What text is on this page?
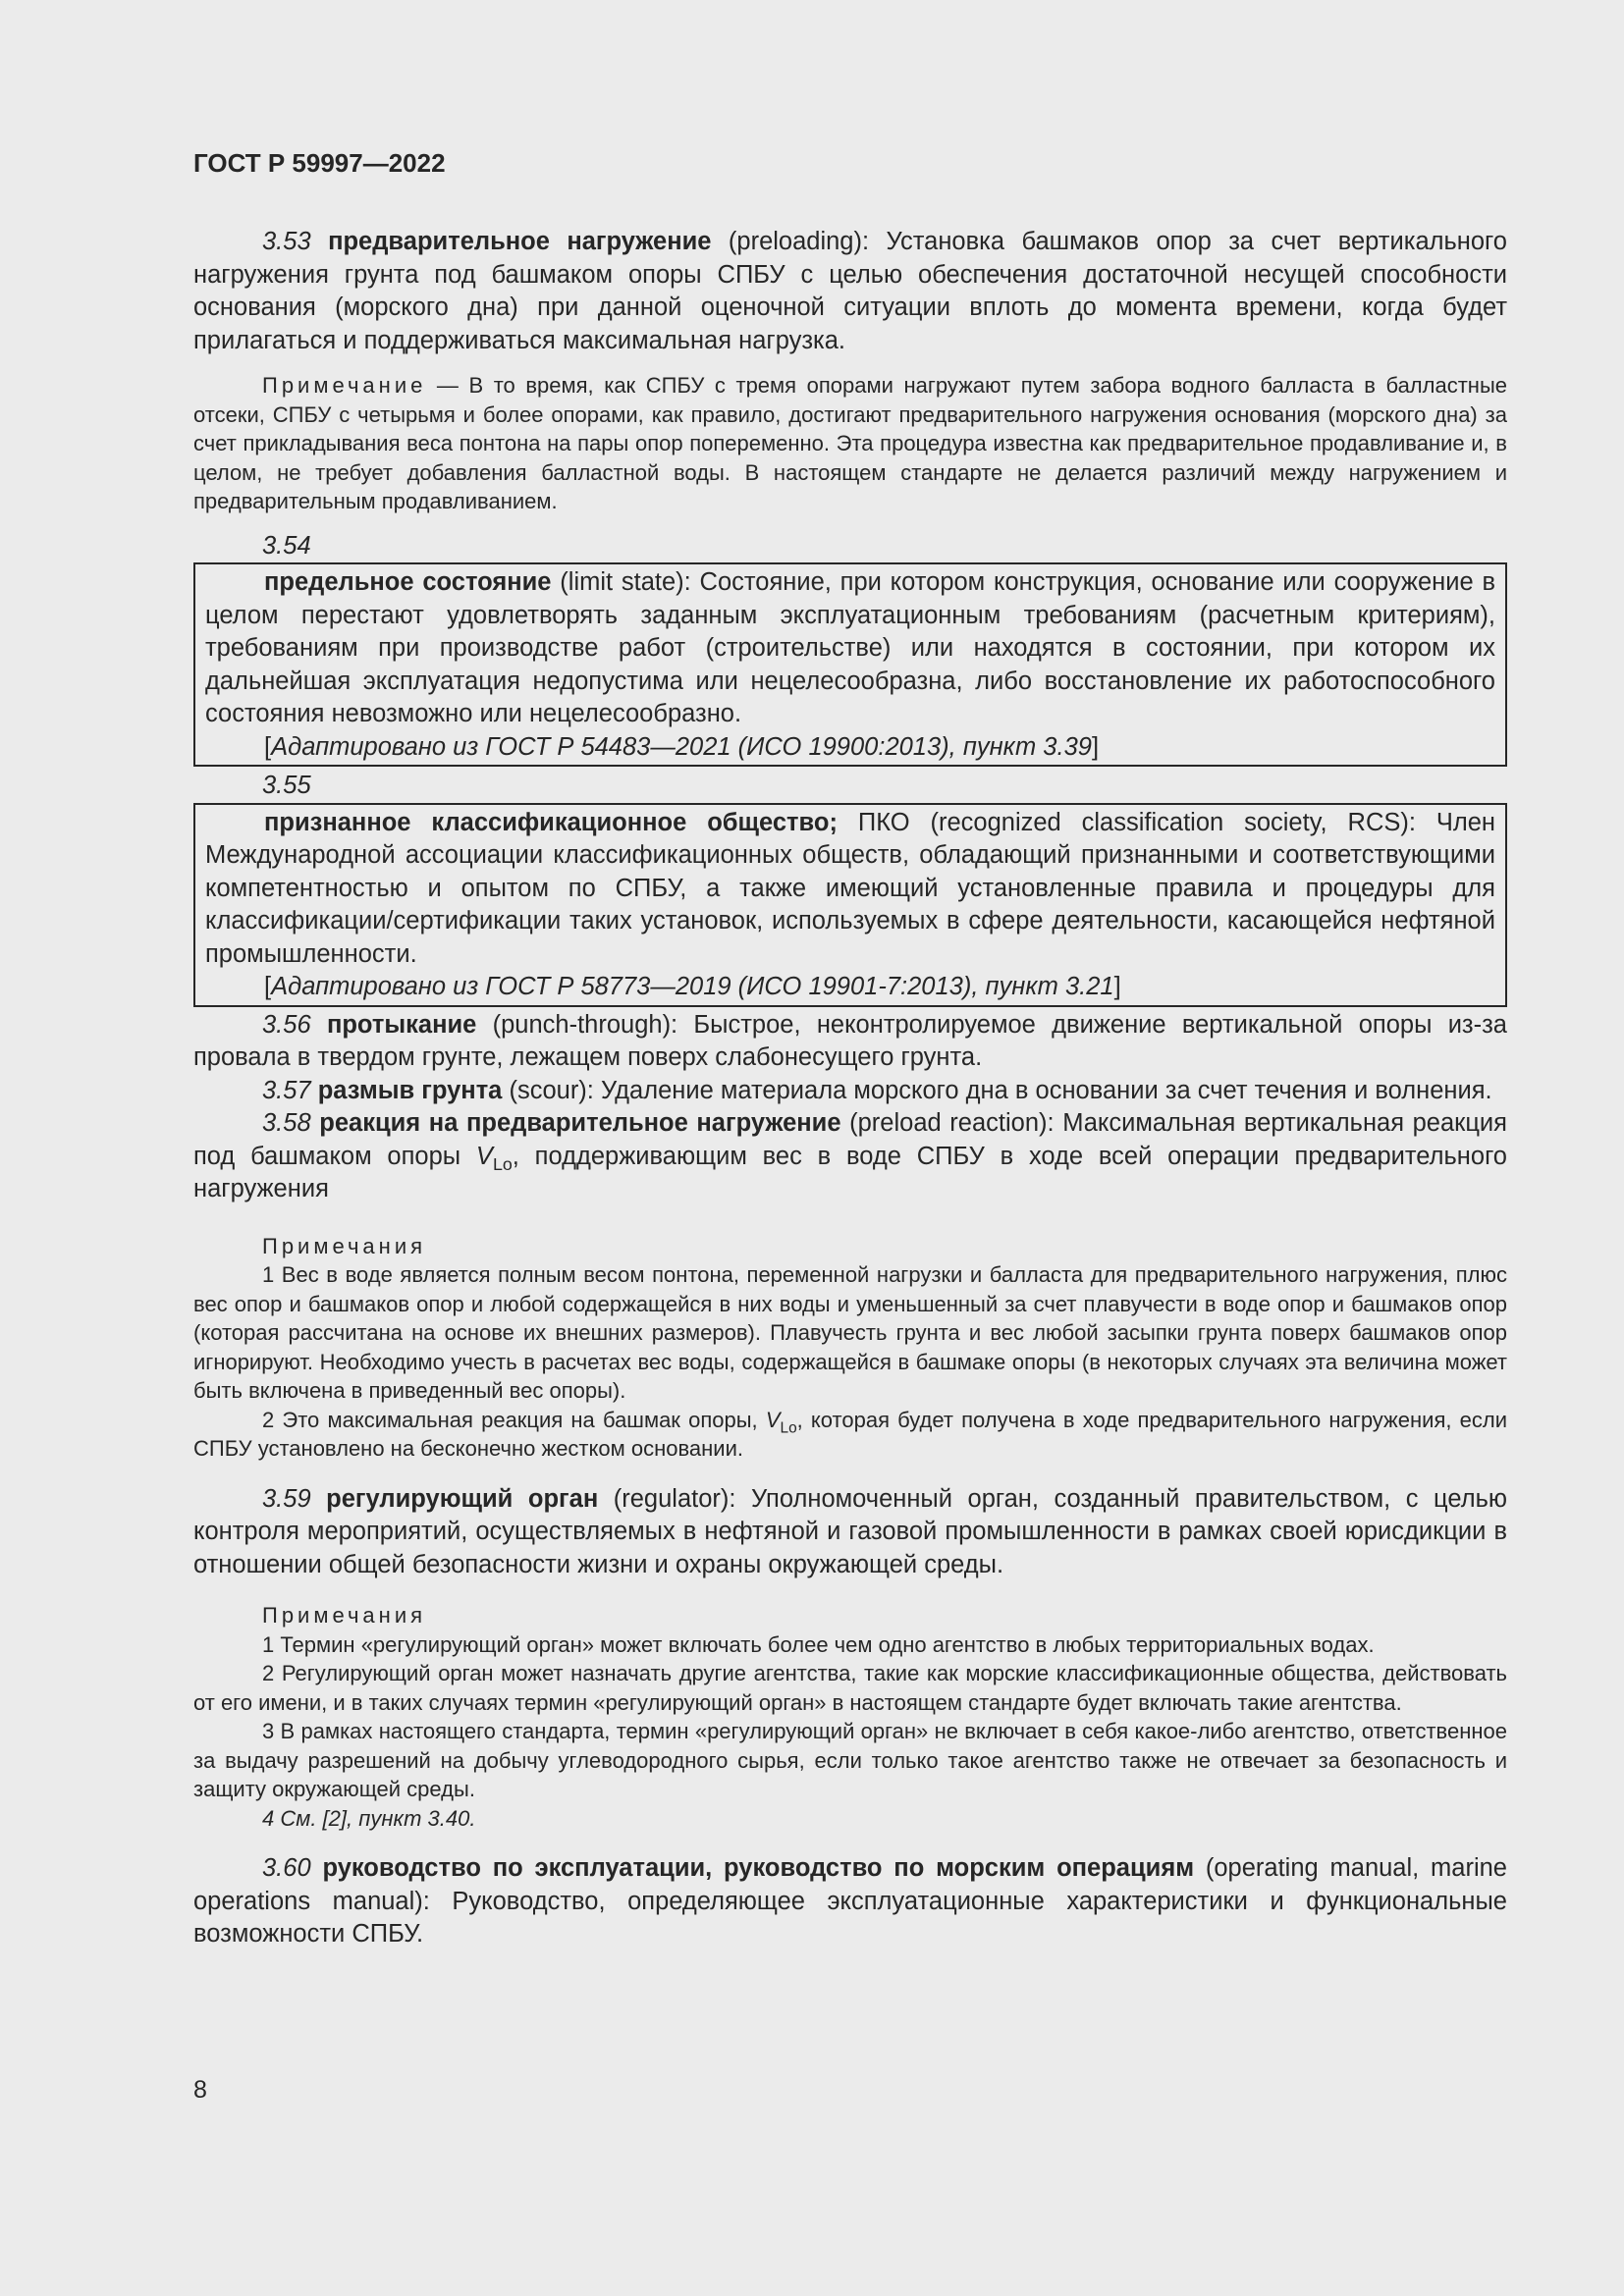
ГОСТ Р 59997—2022

3.53 предварительное нагружение (preloading): Установка башмаков опор за счет вертикального нагружения грунта под башмаком опоры СПБУ с целью обеспечения достаточной несущей способности основания (морского дна) при данной оценочной ситуации вплоть до момента времени, когда будет прилагаться и поддерживаться максимальная нагрузка.

Примечание — В то время, как СПБУ с тремя опорами нагружают путем забора водного балласта в балластные отсеки, СПБУ с четырьмя и более опорами, как правило, достигают предварительного нагружения основания (морского дна) за счет прикладывания веса понтона на пары опор попеременно. Эта процедура известна как предварительное продавливание и, в целом, не требует добавления балластной воды. В настоящем стандарте не делается различий между нагружением и предварительным продавливанием.

3.54

предельное состояние (limit state): Состояние, при котором конструкция, основание или сооружение в целом перестают удовлетворять заданным эксплуатационным требованиям (расчетным критериям), требованиям при производстве работ (строительстве) или находятся в состоянии, при котором их дальнейшая эксплуатация недопустима или нецелесообразна, либо восстановление их работоспособного состояния невозможно или нецелесообразно.

[Адаптировано из ГОСТ Р 54483—2021 (ИСО 19900:2013), пункт 3.39]

3.55

признанное классификационное общество; ПКО (recognized classification society, RCS): Член Международной ассоциации классификационных обществ, обладающий признанными и соответствующими компетентностью и опытом по СПБУ, а также имеющий установленные правила и процедуры для классификации/сертификации таких установок, используемых в сфере деятельности, касающейся нефтяной промышленности.

[Адаптировано из ГОСТ Р 58773—2019 (ИСО 19901-7:2013), пункт 3.21]

3.56 протыкание (punch-through): Быстрое, неконтролируемое движение вертикальной опоры из-за провала в твердом грунте, лежащем поверх слабонесущего грунта.

3.57 размыв грунта (scour): Удаление материала морского дна в основании за счет течения и волнения.

3.58 реакция на предварительное нагружение (preload reaction): Максимальная вертикальная реакция под башмаком опоры $V_{Lo}$, поддерживающим вес в воде СПБУ в ходе всей операции предварительного нагружения

Примечания

1 Вес в воде является полным весом понтона, переменной нагрузки и балласта для предварительного нагружения, плюс вес опор и башмаков опор и любой содержащейся в них воды и уменьшенный за счет плавучести в воде опор и башмаков опор (которая рассчитана на основе их внешних размеров). Плавучесть грунта и вес любой засыпки грунта поверх башмаков опор игнорируют. Необходимо учесть в расчетах вес воды, содержащейся в башмаке опоры (в некоторых случаях эта величина может быть включена в приведенный вес опоры).

2 Это максимальная реакция на башмак опоры, $V_{Lo}$, которая будет получена в ходе предварительного нагружения, если СПБУ установлено на бесконечно жестком основании.

3.59 регулирующий орган (regulator): Уполномоченный орган, созданный правительством, с целью контроля мероприятий, осуществляемых в нефтяной и газовой промышленности в рамках своей юрисдикции в отношении общей безопасности жизни и охраны окружающей среды.

Примечания

1 Термин «регулирующий орган» может включать более чем одно агентство в любых территориальных водах.

2 Регулирующий орган может назначать другие агентства, такие как морские классификационные общества, действовать от его имени, и в таких случаях термин «регулирующий орган» в настоящем стандарте будет включать такие агентства.

3 В рамках настоящего стандарта, термин «регулирующий орган» не включает в себя какое-либо агентство, ответственное за выдачу разрешений на добычу углеводородного сырья, если только такое агентство также не отвечает за безопасность и защиту окружающей среды.

4 См. [2], пункт 3.40.

3.60 руководство по эксплуатации, руководство по морским операциям (operating manual, marine operations manual): Руководство, определяющее эксплуатационные характеристики и функциональные возможности СПБУ.

8
